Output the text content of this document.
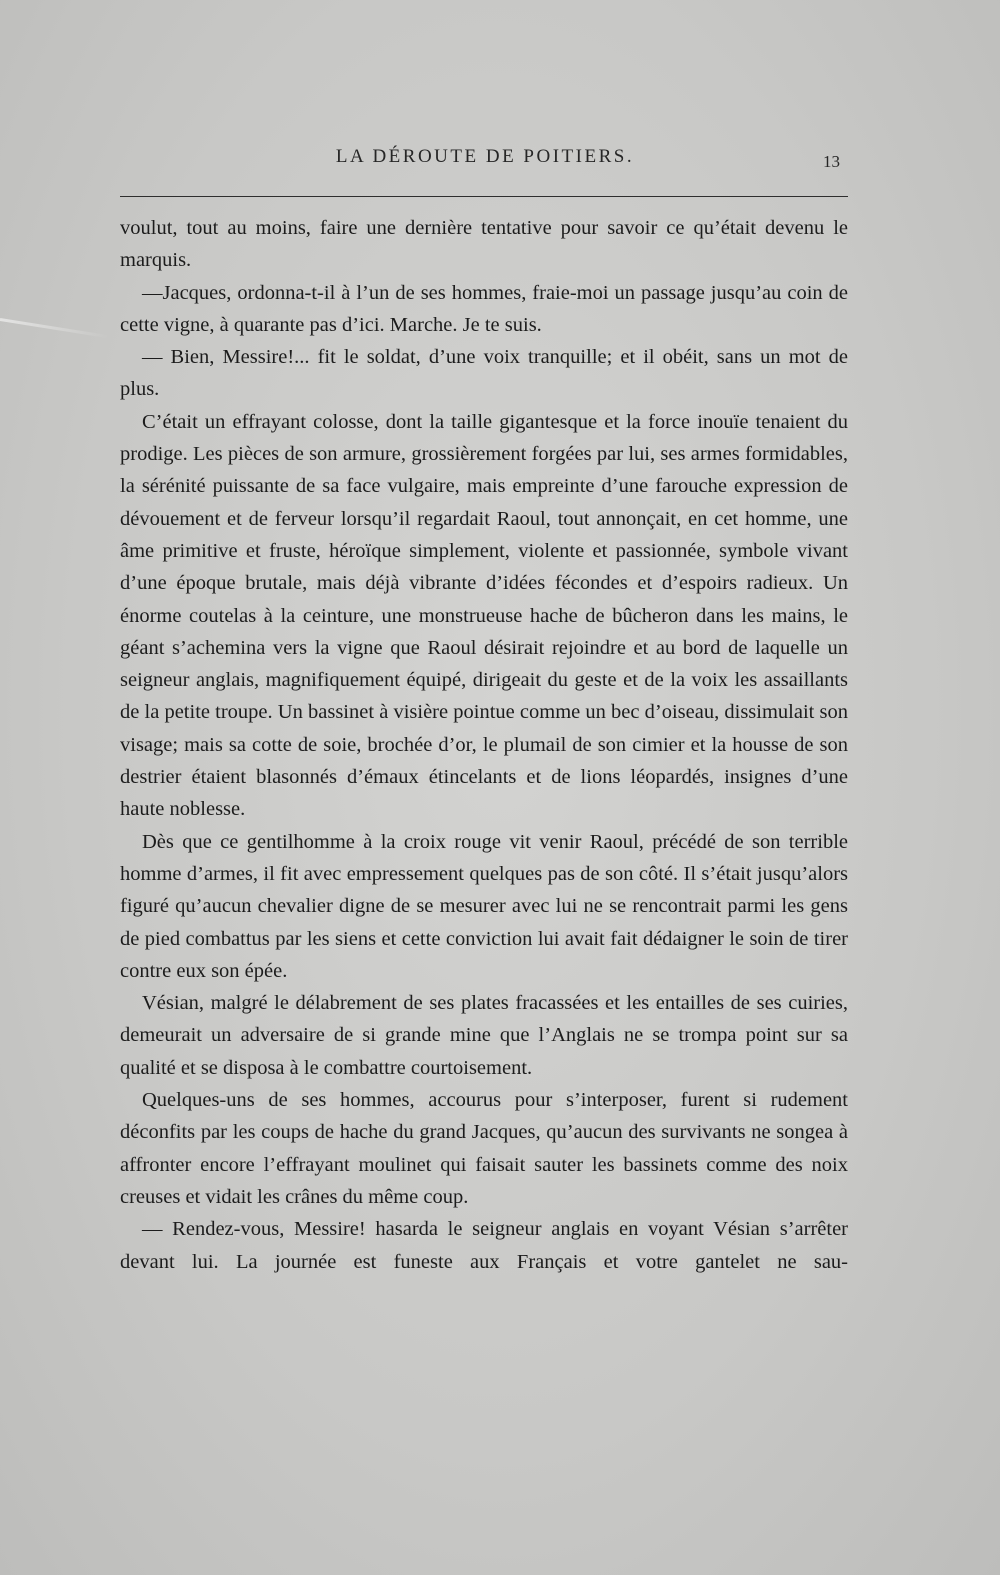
LA DÉROUTE DE POITIERS.	13

voulut, tout au moins, faire une dernière tentative pour savoir ce qu’était devenu le marquis.

—Jacques, ordonna-t-il à l’un de ses hommes, fraie-moi un passage jusqu’au coin de cette vigne, à quarante pas d’ici. Marche. Je te suis.

— Bien, Messire!... fit le soldat, d’une voix tranquille; et il obéit, sans un mot de plus.

C’était un effrayant colosse, dont la taille gigantesque et la force inouïe tenaient du prodige. Les pièces de son armure, grossièrement forgées par lui, ses armes formidables, la sérénité puissante de sa face vulgaire, mais empreinte d’une farouche expression de dévouement et de ferveur lorsqu’il regardait Raoul, tout annonçait, en cet homme, une âme primitive et fruste, héroïque simplement, violente et passionnée, symbole vivant d’une époque brutale, mais déjà vibrante d’idées fécondes et d’espoirs radieux. Un énorme coutelas à la ceinture, une monstrueuse hache de bûcheron dans les mains, le géant s’achemina vers la vigne que Raoul désirait rejoindre et au bord de laquelle un seigneur anglais, magnifiquement équipé, dirigeait du geste et de la voix les assaillants de la petite troupe. Un bassinet à visière pointue comme un bec d’oiseau, dissimulait son visage; mais sa cotte de soie, brochée d’or, le plumail de son cimier et la housse de son destrier étaient blasonnés d’émaux étincelants et de lions léopardés, insignes d’une haute noblesse.

Dès que ce gentilhomme à la croix rouge vit venir Raoul, précédé de son terrible homme d’armes, il fit avec empressement quelques pas de son côté. Il s’était jusqu’alors figuré qu’aucun chevalier digne de se mesurer avec lui ne se rencontrait parmi les gens de pied combattus par les siens et cette conviction lui avait fait dédaigner le soin de tirer contre eux son épée.

Vésian, malgré le délabrement de ses plates fracassées et les entailles de ses cuiries, demeurait un adversaire de si grande mine que l’Anglais ne se trompa point sur sa qualité et se disposa à le combattre courtoisement.

Quelques-uns de ses hommes, accourus pour s’interposer, furent si rudement déconfits par les coups de hache du grand Jacques, qu’aucun des survivants ne songea à affronter encore l’effrayant moulinet qui faisait sauter les bassinets comme des noix creuses et vidait les crânes du même coup.

— Rendez-vous, Messire! hasarda le seigneur anglais en voyant Vésian s’arrêter devant lui. La journée est funeste aux Français et votre gantelet ne sau-
